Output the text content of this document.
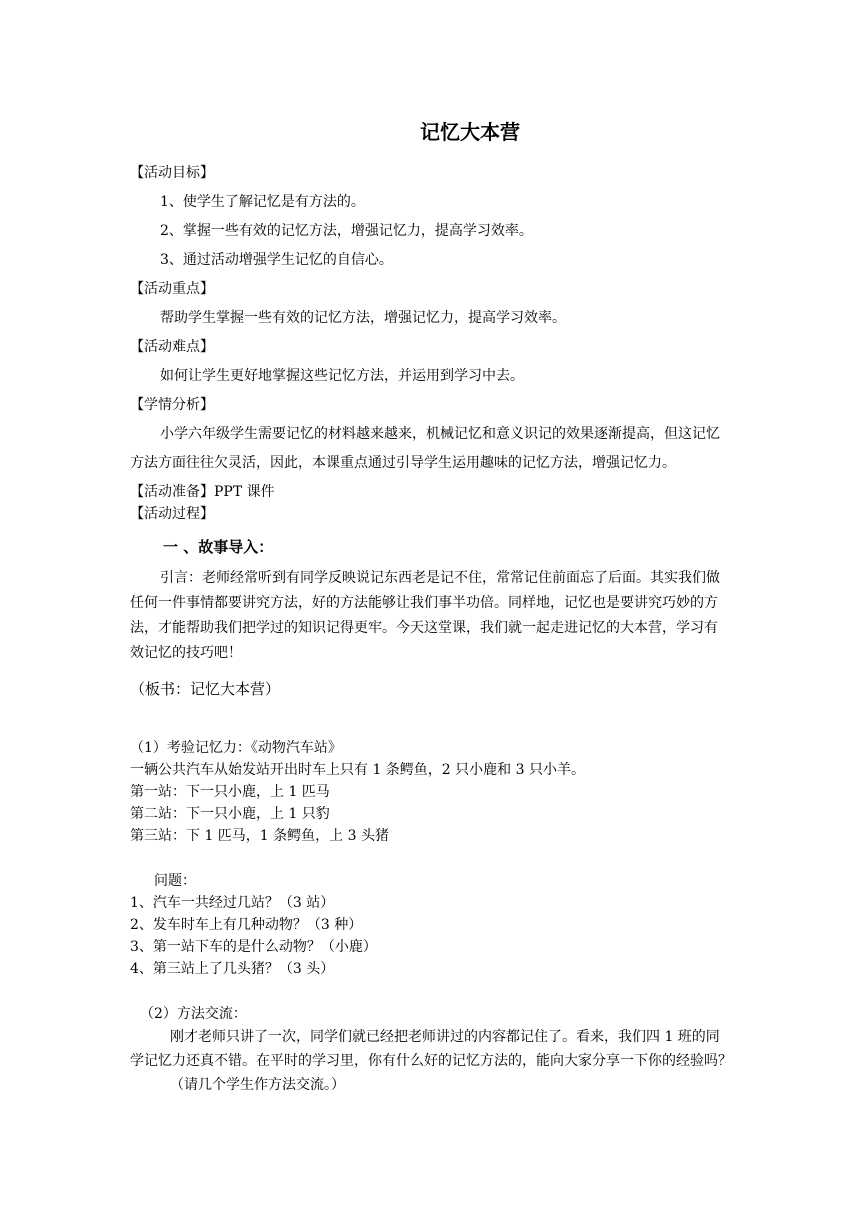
记忆大本营
【活动目标】
1、使学生了解记忆是有方法的。
2、掌握一些有效的记忆方法，增强记忆力，提高学习效率。
3、通过活动增强学生记忆的自信心。
【活动重点】
帮助学生掌握一些有效的记忆方法，增强记忆力，提高学习效率。
【活动难点】
如何让学生更好地掌握这些记忆方法，并运用到学习中去。
【学情分析】
小学六年级学生需要记忆的材料越来越来，机械记忆和意义识记的效果逐渐提高，但这记忆
方法方面往往欠灵活，因此，本课重点通过引导学生运用趣味的记忆方法，增强记忆力。
【活动准备】PPT 课件
【活动过程】
一 、故事导入：
引言：老师经常听到有同学反映说记东西老是记不住，常常记住前面忘了后面。其实我们做
任何一件事情都要讲究方法，好的方法能够让我们事半功倍。同样地，记忆也是要讲究巧妙的方
法，才能帮助我们把学过的知识记得更牢。今天这堂课，我们就一起走进记忆的大本营，学习有
效记忆的技巧吧！
（板书：记忆大本营）
（1）考验记忆力：《动物汽车站》
一辆公共汽车从始发站开出时车上只有 1 条鳄鱼，2 只小鹿和 3 只小羊。
第一站：下一只小鹿，上 1 匹马
第二站：下一只小鹿，上 1 只豹
第三站：下 1 匹马，1 条鳄鱼，上 3 头猪
问题：
1、汽车一共经过几站？（3 站）
2、发车时车上有几种动物？（3 种）
3、第一站下车的是什么动物？（小鹿）
4、第三站上了几头猪？（3 头）
（2）方法交流：
刚才老师只讲了一次，同学们就已经把老师讲过的内容都记住了。看来，我们四 1 班的同
学记忆力还真不错。在平时的学习里，你有什么好的记忆方法的，能向大家分享一下你的经验吗？
（请几个学生作方法交流。）
